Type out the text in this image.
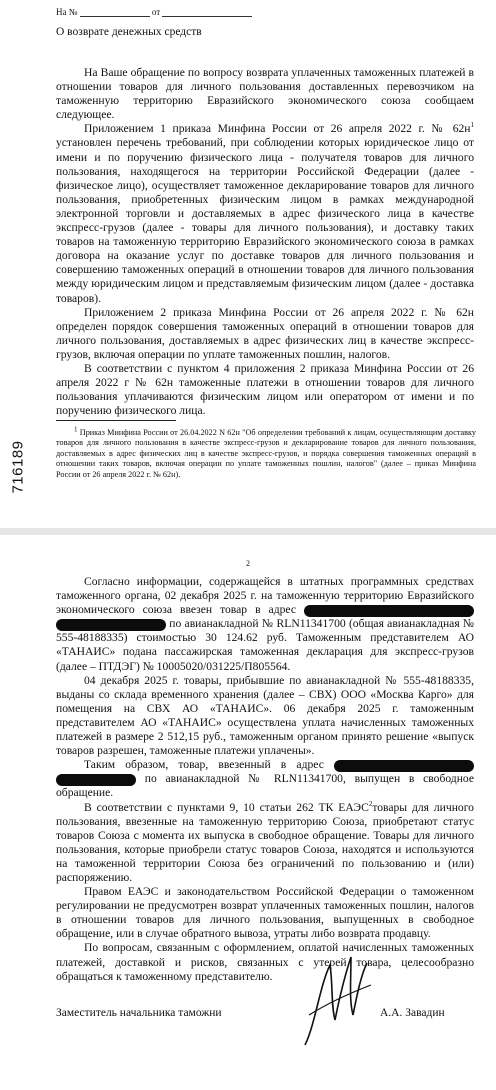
На №	от
О возврате денежных средств

На Ваше обращение по вопросу возврата уплаченных таможенных платежей в отношении товаров для личного пользования доставленных перевозчиком на таможенную территорию Евразийского экономического союза сообщаем следующее.

Приложением 1 приказа Минфина России от 26 апреля 2022 г. № 62н$^1$ установлен перечень требований, при соблюдении которых юридическое лицо от имени и по поручению физического лица - получателя товаров для личного пользования, находящегося на территории Российской Федерации (далее - физическое лицо), осуществляет таможенное декларирование товаров для личного пользования, приобретенных физическим лицом в рамках международной электронной торговли и доставляемых в адрес физического лица в качестве экспресс-грузов (далее - товары для личного пользования), и доставку таких товаров на таможенную территорию Евразийского экономического союза в рамках договора на оказание услуг по доставке товаров для личного пользования и совершению таможенных операций в отношении товаров для личного пользования между юридическим лицом и представляемым физическим лицом (далее - доставка товаров).

Приложением 2 приказа Минфина России от 26 апреля 2022 г. № 62н определен порядок совершения таможенных операций в отношении товаров для личного пользования, доставляемых в адрес физических лиц в качестве экспресс-грузов, включая операции по уплате таможенных пошлин, налогов.

В соответствии с пунктом 4 приложения 2 приказа Минфина России от 26 апреля 2022 г № 62н таможенные платежи в отношении товаров для личного пользования уплачиваются физическим лицом или оператором от имени и по поручению физического лица.

1 Приказ Минфина России от 26.04.2022 N 62н "Об определении требований к лицам, осуществляющим доставку товаров для личного пользования в качестве экспресс-грузов и декларирование товаров для личного пользования, доставляемых в адрес физических лиц в качестве экспресс-грузов, и порядка совершения таможенных операций в отношении таких товаров, включая операции по уплате таможенных пошлин, налогов" (далее – приказ Минфина России от 26 апреля 2022 г. № 62н).

716189
2

Согласно информации, содержащейся в штатных программных средствах таможенного органа, 02 декабря 2025 г. на таможенную территорию Евразийского экономического союза ввезен товар в адрес   по авианакладной № RLN11341700 (общая авианакладная № 555-48188335) стоимостью 30 124.62 руб. Таможенным представителем АО «ТАНАИС» подана пассажирская таможенная декларация для экспресс-грузов (далее – ПТДЭГ) № 10005020/031225/П805564.

04 декабря 2025 г. товары, прибывшие по авианакладной № 555-48188335, выданы со склада временного хранения (далее – СВХ) ООО «Москва Карго» для помещения на СВХ АО «ТАНАИС». 06 декабря 2025 г. таможенным представителем АО «ТАНАИС» осуществлена уплата начисленных таможенных платежей в размере 2 512,15 руб., таможенным органом принято решение «выпуск товаров разрешен, таможенные платежи уплачены».

Таким образом, товар, ввезенный в адрес   по авианакладной № RLN11341700, выпущен в свободное обращение.

В соответствии с пунктами 9, 10 статьи 262 ТК ЕАЭС$^2$товары для личного пользования, ввезенные на таможенную территорию Союза, приобретают статус товаров Союза с момента их выпуска в свободное обращение. Товары для личного пользования, которые приобрели статус товаров Союза, находятся и используются на таможенной территории Союза без ограничений по пользованию и (или) распоряжению.

Правом ЕАЭС и законодательством Российской Федерации о таможенном регулировании не предусмотрен возврат уплаченных таможенных пошлин, налогов в отношении товаров для личного пользования, выпущенных в свободное обращение, или в случае обратного вывоза, утраты либо возврата продавцу.

По вопросам, связанным с оформлением, оплатой начисленных таможенных платежей, доставкой и рисков, связанных с утерей товара, целесообразно обращаться к таможенному представителю.

Заместитель начальника таможни	А.А. Завадин
